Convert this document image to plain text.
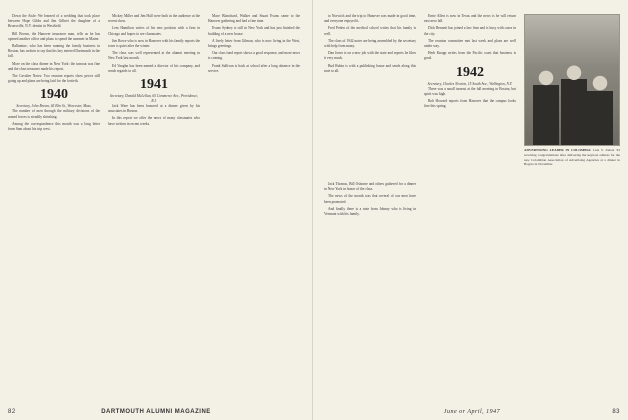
Down the Aisle: We learned of a wedding that took place between Hope Gibbs and Jim Gilbert the daughter of a Bronxville, N.Y. dentist in Westfield.

Bill Brown, the Hanover insurance man, tells us he has opened another office and plans to spend the summer in Maine.

Ballantine, who has been running the family business in Boston, has written to say that his boy entered Dartmouth in the fall.

More on the class dinner in New York: the turnout was fine and the class treasurer made his report.

The Cavalier Notes: Two reunion reports show prices still going up and plans are being laid for the fortieth.

1940

Secretary, John Brown, 65 Elm St., Worcester, Mass.

The number of men through the military divisions of the armed forces is steadily shrinking.

Among the correspondence this month was a long letter from Sam about his trip west.

Mickey Miller and Jim Hall were both in the audience at the recent show.

Lem Hamilton writes of his new position with a firm in Chicago and hopes to see classmates.

Jim Rowe who is now in Hanover with his family reports the town is quiet after the winter.

The class was well represented at the alumni meeting in New York last month.

Ed Vaughn has been named a director of his company, and sends regards to all.

1941

Secretary, Donald McLellan, 65 Commerce Ave., Providence, R.I.

Jack Ware has been honored at a dinner given by his associates in Boston.

In this report we offer the news of many classmates who have written in recent weeks.

Mace Blanchard, Walker and Stuart Evans came to the Hanover gathering and had a fine time.

Evans Sydney is still in New York and has just finished the building of a new house.

A lively letter from Gilman, who is now living in the West, brings greetings.

Our class fund report shows a good response, and more news is coming.

Frank Sullivan is back at school after a long absence in the service.

to Norwich and the trip to Hanover was made in good time, and everyone enjoyed it.

Fred Peden of the medical school writes that his family is well.

The class of 1942 notes are being assembled by the secretary with help from many.

Dan Jones is on a new job with the state and reports he likes it very much.

Bud Rubin is with a publishing house and sends along this note to all.

Ernie Allen is now in Texas and the news is he will return east next fall.

Dick Bennett has joined a law firm and is busy with cases in the city.

The reunion committee met last week and plans are well under way.

Herb Knapp writes from the Pacific coast that business is good.

1942

Secretary, Charles Newton, 15 South Ave., Wellington, N.Y.

There was a small turnout at the fall meeting in Boston, but spirit was high.

Bob Howard reports from Hanover that the campus looks fine this spring.

ADVERTISING LEADER IN COLOMBIA: Luis S. Zuleta '43 receiving congratulations after delivering the keynote address for the new Colombian Association of Advertising Agencies at a dinner in Bogota in November.

Jack Thomas, Bill Osborne and others gathered for a dinner in New York in honor of the class.

The news of the month was that several of our men have been promoted.

And finally there is a note from Johnny who is living in Vermont with his family.

82	DARTMOUTH ALUMNI MAGAZINE	June or April, 1947	83
